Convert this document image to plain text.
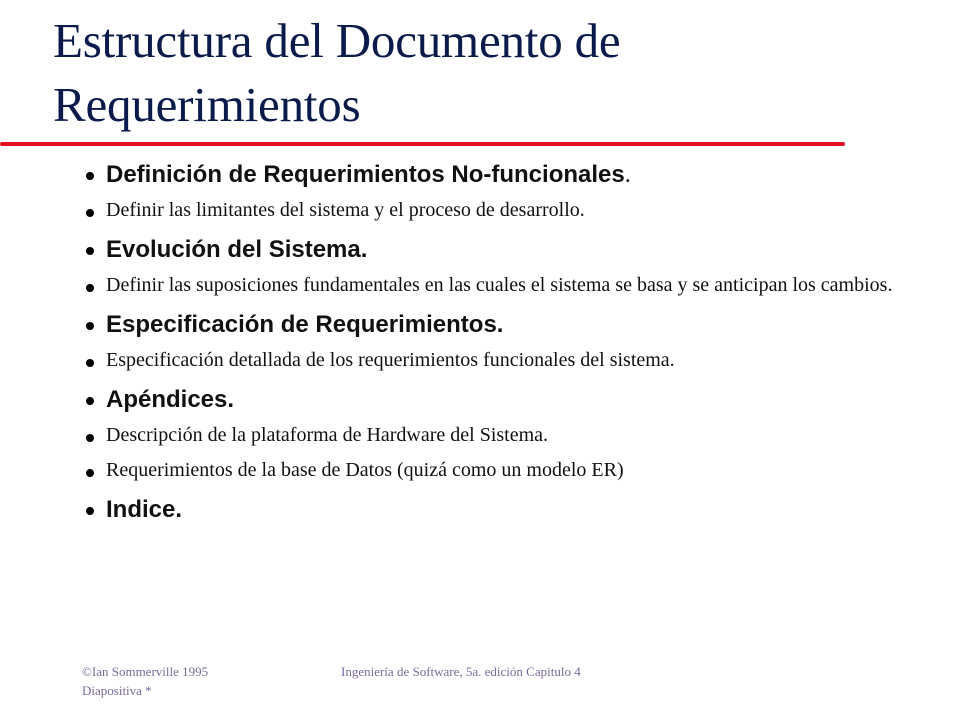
Estructura del Documento de Requerimientos
Definición de Requerimientos No-funcionales.
Definir las limitantes del sistema y el proceso de desarrollo.
Evolución del Sistema.
Definir las suposiciones fundamentales en las cuales el sistema se basa y se anticipan los cambios.
Especificación de Requerimientos.
Especificación detallada de los requerimientos funcionales del sistema.
Apéndices.
Descripción de la plataforma de Hardware del Sistema.
Requerimientos de la base de Datos (quizá como un modelo ER)
Indice.
©Ian Sommerville 1995
Diapositiva *
Ingeniería de Software, 5a. edición Capitulo 4
